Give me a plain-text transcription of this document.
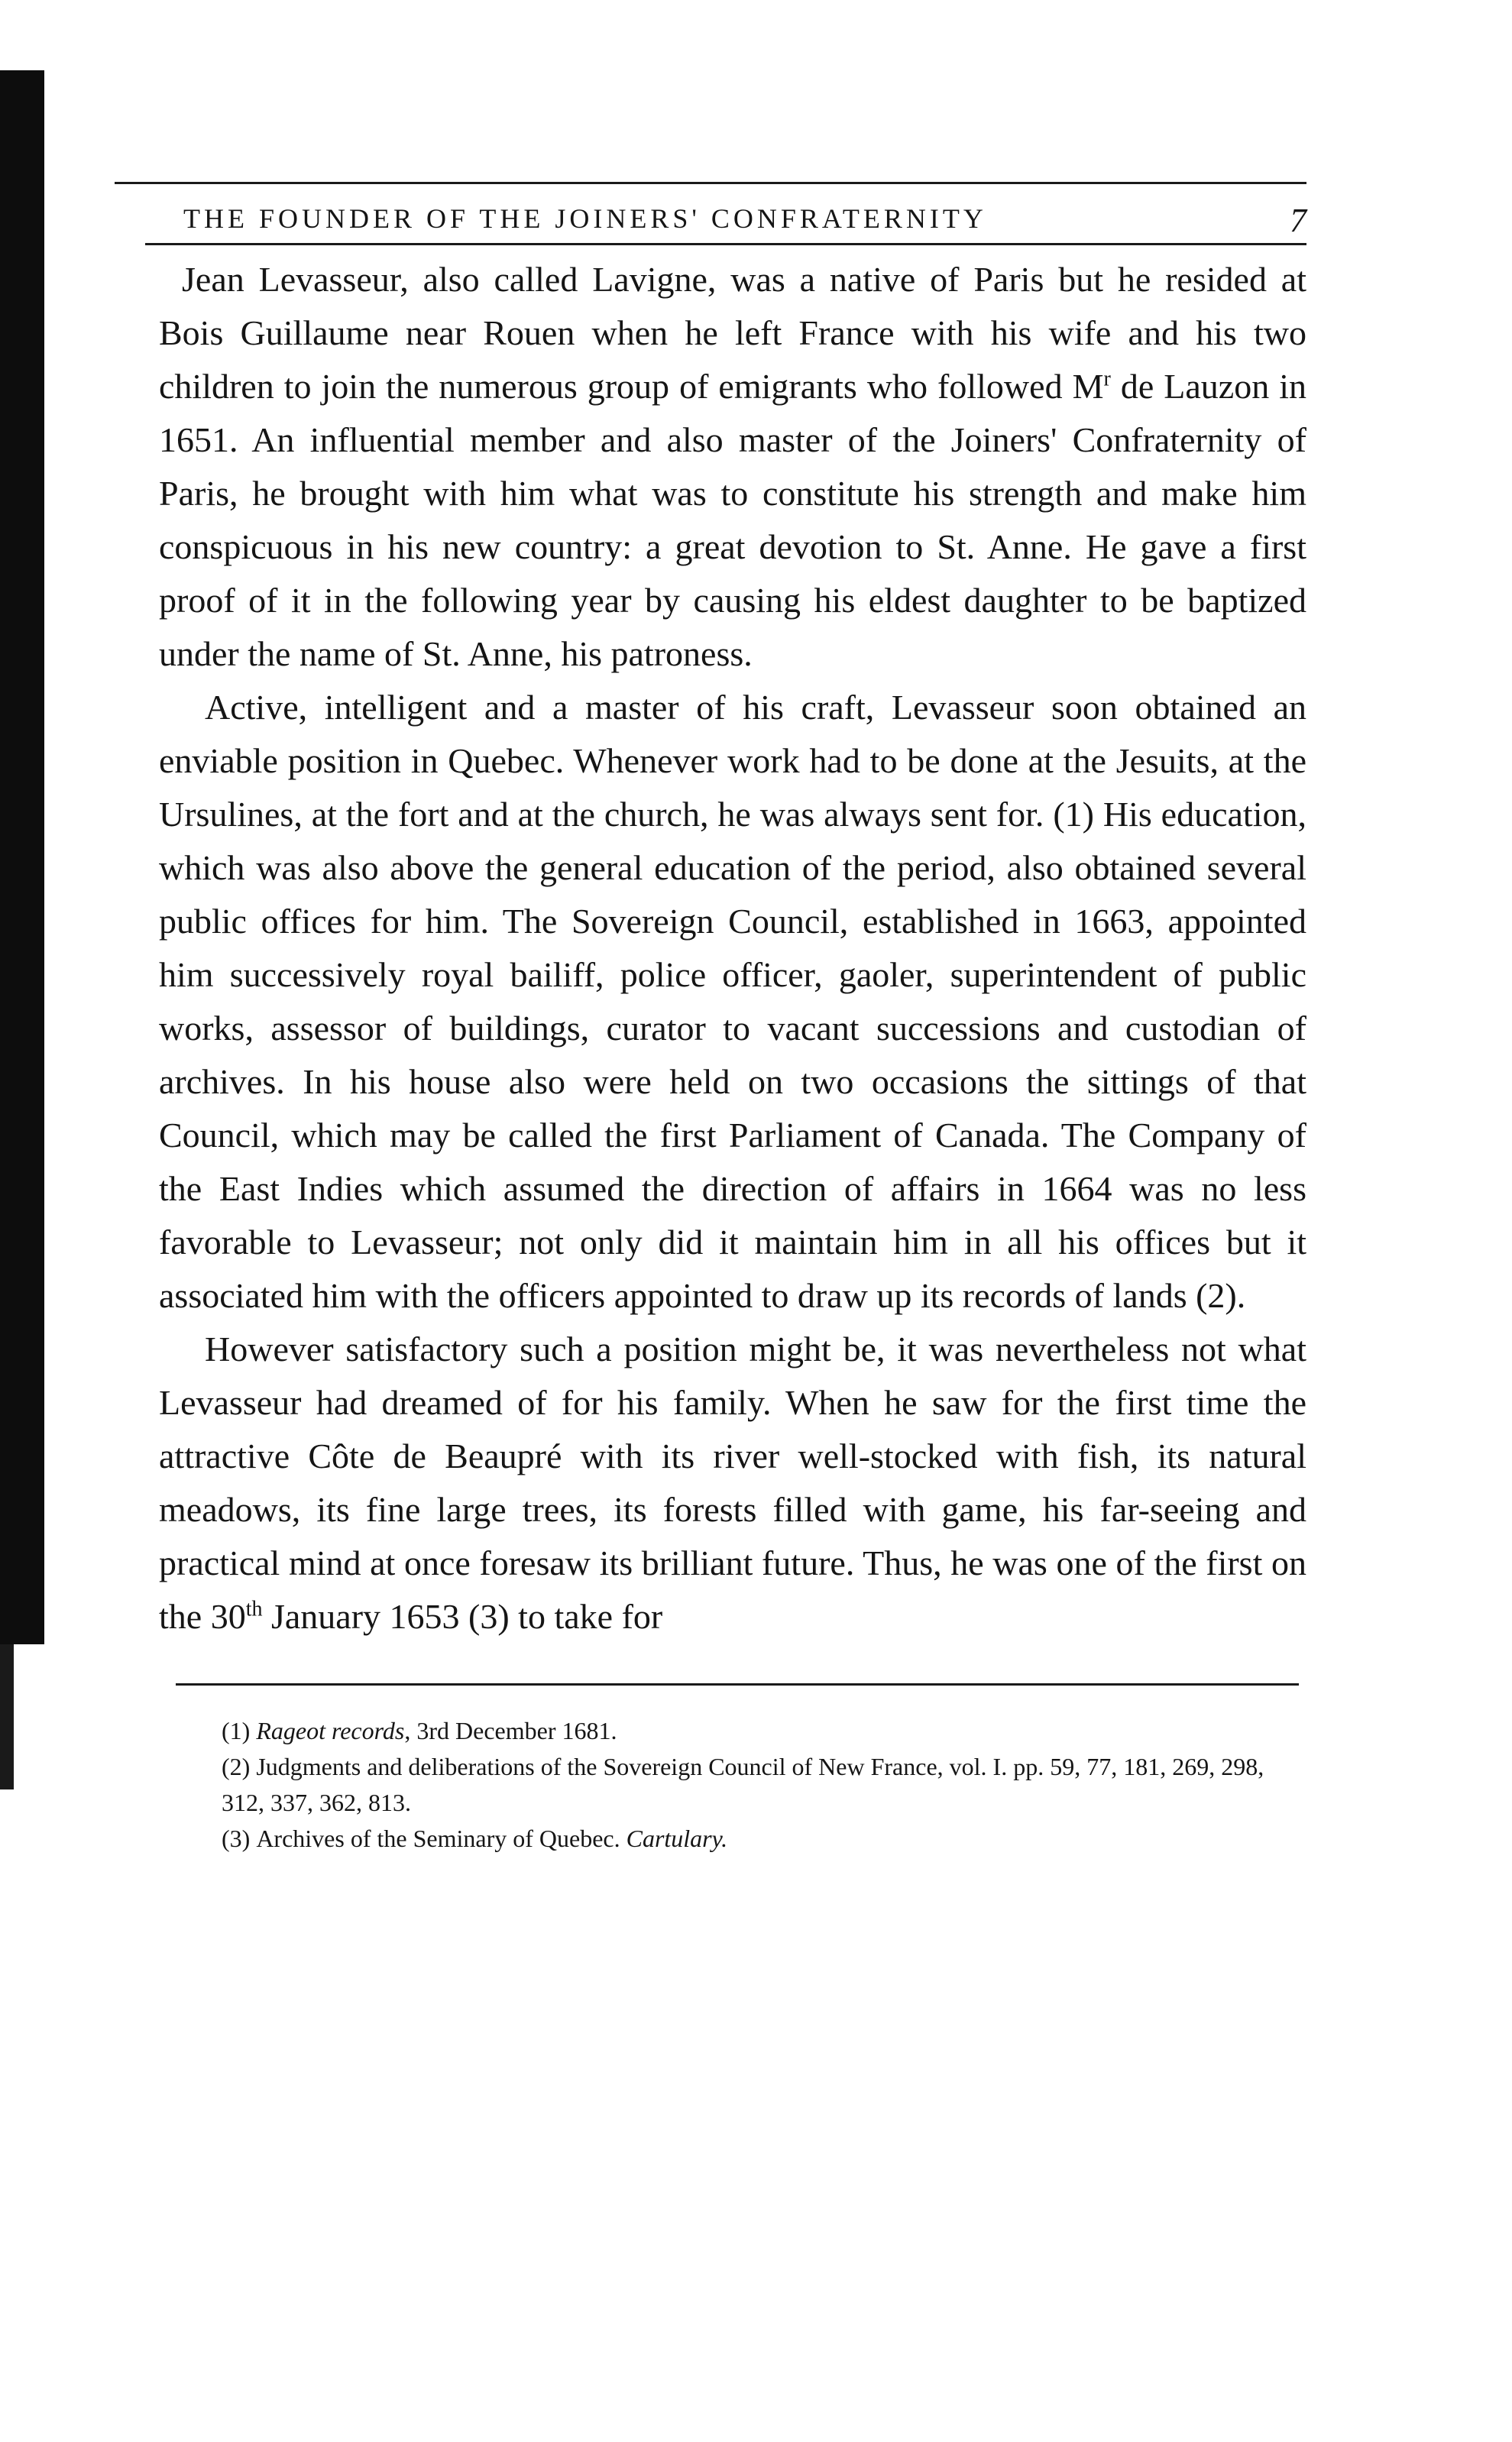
THE FOUNDER OF THE JOINERS' CONFRATERNITY	7

Jean Levasseur, also called Lavigne, was a native of Paris but he resided at Bois Guillaume near Rouen when he left France with his wife and his two children to join the numerous group of emigrants who followed $M^r$ de Lauzon in 1651. An influential member and also master of the Joiners' Confraternity of Paris, he brought with him what was to constitute his strength and make him conspicuous in his new country: a great devotion to St. Anne. He gave a first proof of it in the following year by causing his eldest daughter to be baptized under the name of St. Anne, his patroness.

Active, intelligent and a master of his craft, Levasseur soon obtained an enviable position in Quebec. Whenever work had to be done at the Jesuits, at the Ursulines, at the fort and at the church, he was always sent for. (1) His education, which was also above the general education of the period, also obtained several public offices for him. The Sovereign Council, established in 1663, appointed him successively royal bailiff, police officer, gaoler, superintendent of public works, assessor of buildings, curator to vacant successions and custodian of archives. In his house also were held on two occasions the sittings of that Council, which may be called the first Parliament of Canada. The Company of the East Indies which assumed the direction of affairs in 1664 was no less favorable to Levasseur; not only did it maintain him in all his offices but it associated him with the officers appointed to draw up its records of lands (2).

However satisfactory such a position might be, it was nevertheless not what Levasseur had dreamed of for his family. When he saw for the first time the attractive Côte de Beaupré with its river well-stocked with fish, its natural meadows, its fine large trees, its forests filled with game, his far-seeing and practical mind at once foresaw its brilliant future. Thus, he was one of the first on the 30th January 1653 (3) to take for

(1) Rageot records, 3rd December 1681.
(2) Judgments and deliberations of the Sovereign Council of New France, vol. I. pp. 59, 77, 181, 269, 298, 312, 337, 362, 813.
(3) Archives of the Seminary of Quebec. Cartulary.
